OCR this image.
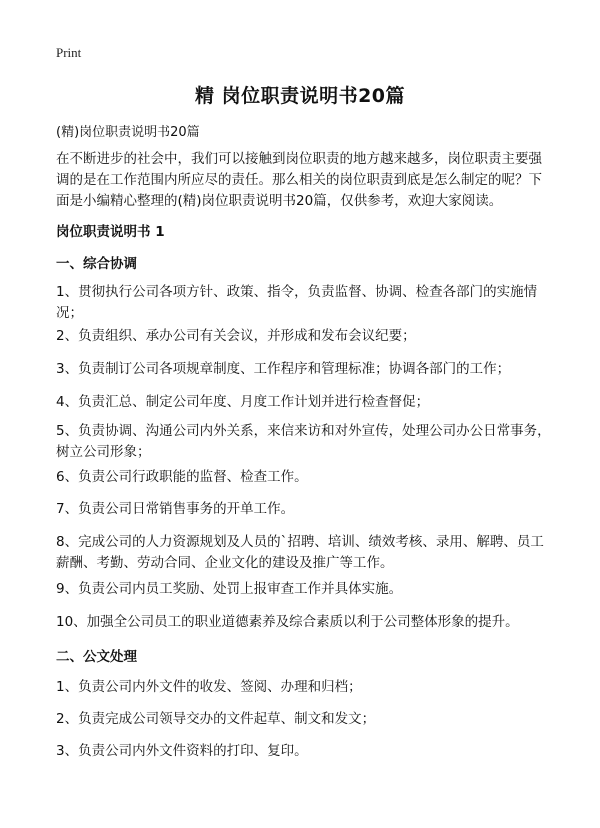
Print
精 岗位职责说明书20篇
(精)岗位职责说明书20篇
在不断进步的社会中，我们可以接触到岗位职责的地方越来越多，岗位职责主要强调的是在工作范围内所应尽的责任。那么相关的岗位职责到底是怎么制定的呢？下面是小编精心整理的(精)岗位职责说明书20篇，仅供参考，欢迎大家阅读。
岗位职责说明书 1
一、综合协调
1、贯彻执行公司各项方针、政策、指令，负责监督、协调、检查各部门的实施情况；
2、负责组织、承办公司有关会议，并形成和发布会议纪要；
3、负责制订公司各项规章制度、工作程序和管理标准；协调各部门的工作；
4、负责汇总、制定公司年度、月度工作计划并进行检查督促；
5、负责协调、沟通公司内外关系，来信来访和对外宣传，处理公司办公日常事务，树立公司形象；
6、负责公司行政职能的监督、检查工作。
7、负责公司日常销售事务的开单工作。
8、完成公司的人力资源规划及人员的`招聘、培训、绩效考核、录用、解聘、员工薪酬、考勤、劳动合同、企业文化的建设及推广等工作。
9、负责公司内员工奖励、处罚上报审查工作并具体实施。
10、加强全公司员工的职业道德素养及综合素质以利于公司整体形象的提升。
二、公文处理
1、负责公司内外文件的收发、签阅、办理和归档；
2、负责完成公司领导交办的文件起草、制文和发文；
3、负责公司内外文件资料的打印、复印。
